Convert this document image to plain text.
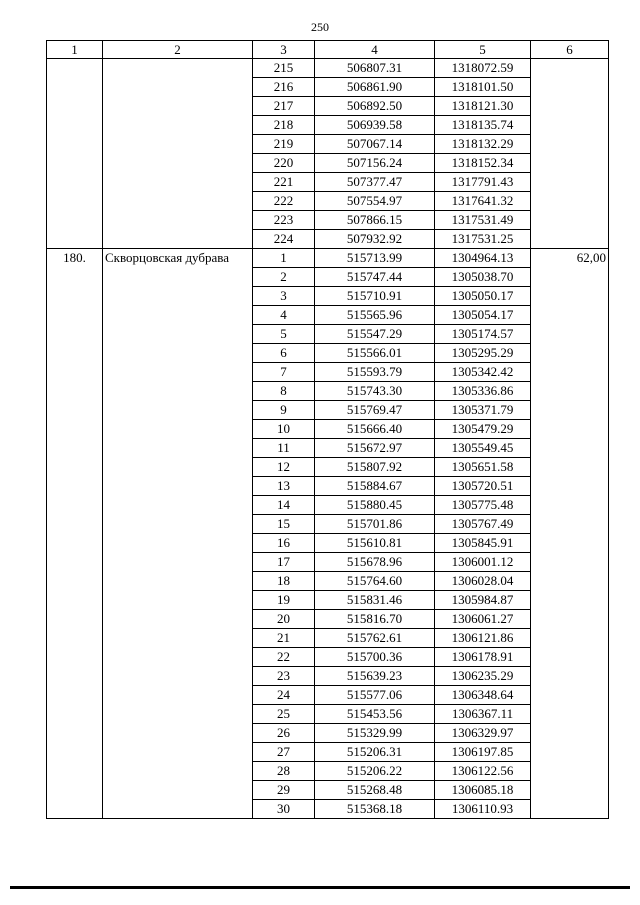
250
1	2	3	4	5	6
		215	506807.31	1318072.59	
		216	506861.90	1318101.50	
		217	506892.50	1318121.30	
		218	506939.58	1318135.74	
		219	507067.14	1318132.29	
		220	507156.24	1318152.34	
		221	507377.47	1317791.43	
		222	507554.97	1317641.32	
		223	507866.15	1317531.49	
		224	507932.92	1317531.25	
180.	Скворцовская дубрава	1	515713.99	1304964.13	62,00
		2	515747.44	1305038.70	
		3	515710.91	1305050.17	
		4	515565.96	1305054.17	
		5	515547.29	1305174.57	
		6	515566.01	1305295.29	
		7	515593.79	1305342.42	
		8	515743.30	1305336.86	
		9	515769.47	1305371.79	
		10	515666.40	1305479.29	
		11	515672.97	1305549.45	
		12	515807.92	1305651.58	
		13	515884.67	1305720.51	
		14	515880.45	1305775.48	
		15	515701.86	1305767.49	
		16	515610.81	1305845.91	
		17	515678.96	1306001.12	
		18	515764.60	1306028.04	
		19	515831.46	1305984.87	
		20	515816.70	1306061.27	
		21	515762.61	1306121.86	
		22	515700.36	1306178.91	
		23	515639.23	1306235.29	
		24	515577.06	1306348.64	
		25	515453.56	1306367.11	
		26	515329.99	1306329.97	
		27	515206.31	1306197.85	
		28	515206.22	1306122.56	
		29	515268.48	1306085.18	
		30	515368.18	1306110.93	
